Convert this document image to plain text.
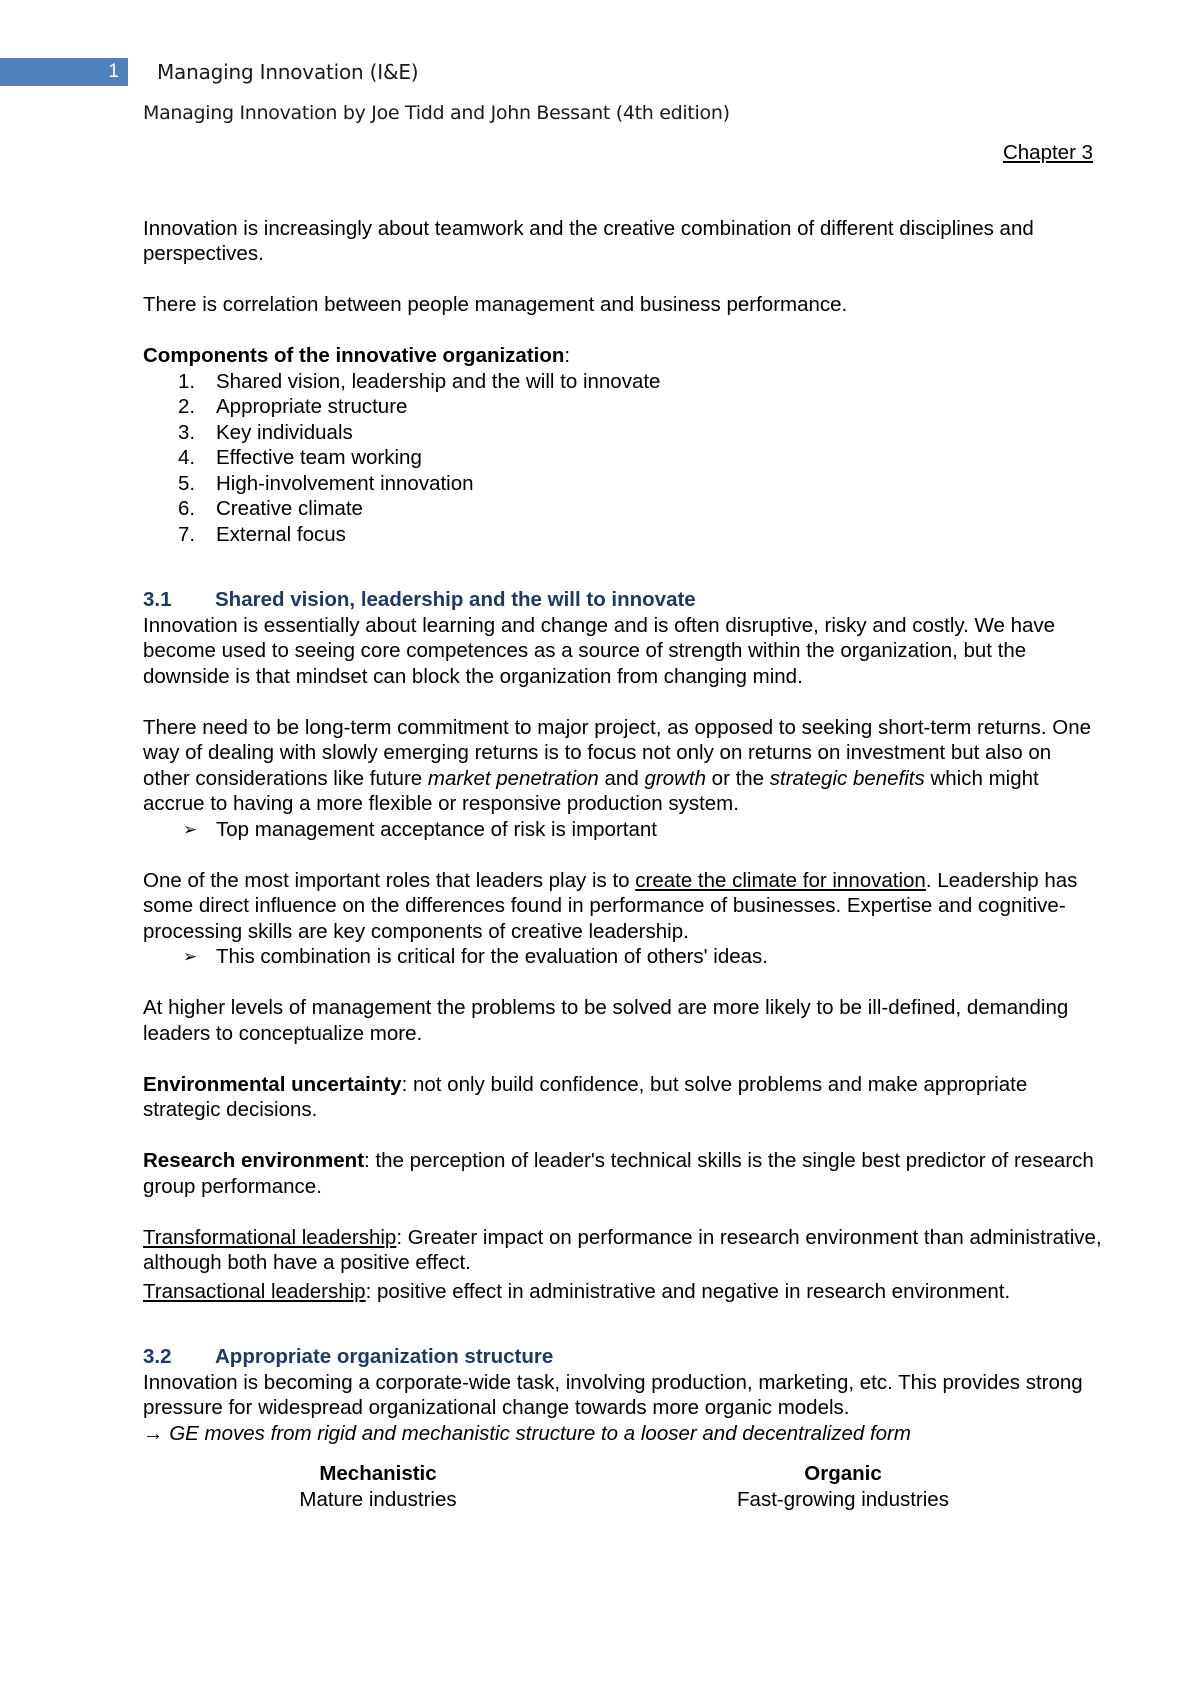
1	Managing Innovation (I&E)
Managing Innovation by Joe Tidd and John Bessant (4th edition)

Chapter 3

Innovation is increasingly about teamwork and the creative combination of different disciplines and perspectives.

There is correlation between people management and business performance.

Components of the innovative organization:

1. Shared vision, leadership and the will to innovate
2. Appropriate structure
3. Key individuals
4. Effective team working
5. High-involvement innovation
6. Creative climate
7. External focus

3.1 Shared vision, leadership and the will to innovate

Innovation is essentially about learning and change and is often disruptive, risky and costly. We have become used to seeing core competences as a source of strength within the organization, but the downside is that mindset can block the organization from changing mind.

There need to be long-term commitment to major project, as opposed to seeking short-term returns. One way of dealing with slowly emerging returns is to focus not only on returns on investment but also on other considerations like future market penetration and growth or the strategic benefits which might accrue to having a more flexible or responsive production system.

➢ Top management acceptance of risk is important

One of the most important roles that leaders play is to create the climate for innovation. Leadership has some direct influence on the differences found in performance of businesses. Expertise and cognitive-processing skills are key components of creative leadership.

➢ This combination is critical for the evaluation of others' ideas.

At higher levels of management the problems to be solved are more likely to be ill-defined, demanding leaders to conceptualize more.

Environmental uncertainty: not only build confidence, but solve problems and make appropriate strategic decisions.

Research environment: the perception of leader's technical skills is the single best predictor of research group performance.

Transformational leadership: Greater impact on performance in research environment than administrative, although both have a positive effect.

Transactional leadership: positive effect in administrative and negative in research environment.

3.2 Appropriate organization structure

Innovation is becoming a corporate-wide task, involving production, marketing, etc. This provides strong pressure for widespread organizational change towards more organic models.

→ GE moves from rigid and mechanistic structure to a looser and decentralized form

Mechanistic

Mature industries

Organic

Fast-growing industries
